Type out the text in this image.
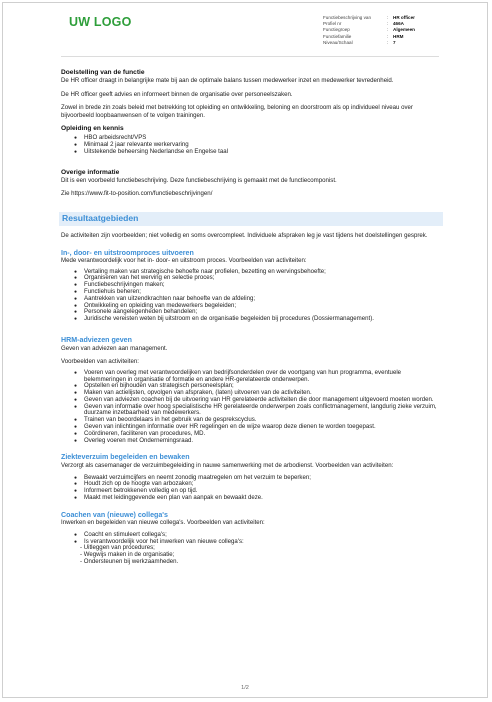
UW LOGO	Functiebeschrijving van	:	HR officer
Profiel nr	:	466A
Functiegroep	:	Algemeen
Functiefamilie	:	HRM
Niveau/Schaal	:	7
Doelstelling van de functie

De HR officer draagt in belangrijke mate bij aan de optimale balans tussen medewerker inzet en medewerker tevredenheid.

De HR officer geeft advies en informeert binnen de organisatie over personeelszaken.

Zowel in brede zin zoals beleid met betrekking tot opleiding en ontwikkeling, beloning en doorstroom als op individueel niveau over bijvoorbeeld loopbaanwensen of te volgen trainingen.

Opleiding en kennis
● HBO arbeidsrecht/VPS
● Minimaal 2 jaar relevante werkervaring
● Uitstekende beheersing Nederlandse en Engelse taal
Overige informatie

Dit is een voorbeeld functiebeschrijving. Deze functiebeschrijving is gemaakt met de functiecomponist.

Zie https://www.fit-to-position.com/functiebeschrijvingen/

Resultaatgebieden

De activiteiten zijn voorbeelden; niet volledig en soms overcompleet. Individuele afspraken leg je vast tijdens het doelstellingen gesprek.

In-, door- en uitstroomproces uitvoeren

Mede verantwoordelijk voor het in- door- en uitstroom proces. Voorbeelden van activiteiten:

● Vertaling maken van strategische behoefte naar profielen, bezetting en wervingsbehoefte;
● Organiseren van het werving en selectie proces;
● Functiebeschrijvingen maken;
● Functiehuis beheren;
● Aantrekken van uitzendkrachten naar behoefte van de afdeling;
● Ontwikkeling en opleiding van medewerkers begeleiden;
● Personele aangelegenheden behandelen;
● Juridische vereisten weten bij uitstroom en de organisatie begeleiden bij procedures (Dossiermanagement).
HRM-adviezen geven

Geven van adviezen aan management.

Voorbeelden van activiteiten:

● Voeren van overleg met verantwoordelijken van bedrijfsonderdelen over de voortgang van hun programma, eventuele belemmeringen in organisatie of formatie en andere HR-gerelateerde onderwerpen.
● Opstellen en bijhouden van strategisch personeelsplan;
● Maken van actielijsten, opvolgen van afspraken, (laten) uitvoeren van de activiteiten.
● Geven van adviezen coachen bij de uitvoering van HR gerelateerde activiteiten die door management uitgevoerd moeten worden.
● Geven van informatie over hoog specialistische HR gerelateerde onderwerpen zoals conflictmanagement, langdurig zieke verzuim, duurzame inzetbaarheid van medewerkers.
● Trainen van beoordelaars in het gebruik van de gesprekscyclus.
● Geven van inlichtingen informatie over HR regelingen en de wijze waarop deze dienen te worden toegepast.
● Coördineren, faciliteren van procedures, MD.
● Overleg voeren met Ondernemingsraad.
Ziekteverzuim begeleiden en bewaken

Verzorgt als casemanager de verzuimbegeleiding in nauwe samenwerking met de arbodienst. Voorbeelden van activiteiten:

● Bewaakt verzuimcijfers en neemt zonodig maatregelen om het verzuim te beperken;
● Houdt zich op de hoogte van arbozaken;
● Informeert betrokkenen volledig en op tijd.
● Maakt met leidinggevende een plan van aanpak en bewaakt deze.
Coachen van (nieuwe) collega's

Inwerken en begeleiden van nieuwe collega's. Voorbeelden van activiteiten:

● Coacht en stimuleert collega's;
● Is verantwoordelijk voor het inwerken van nieuwe collega's:
- Uitleggen van procedures;
- Wegwijs maken in de organisatie;
- Ondersteunen bij werkzaamheden.
1/2
